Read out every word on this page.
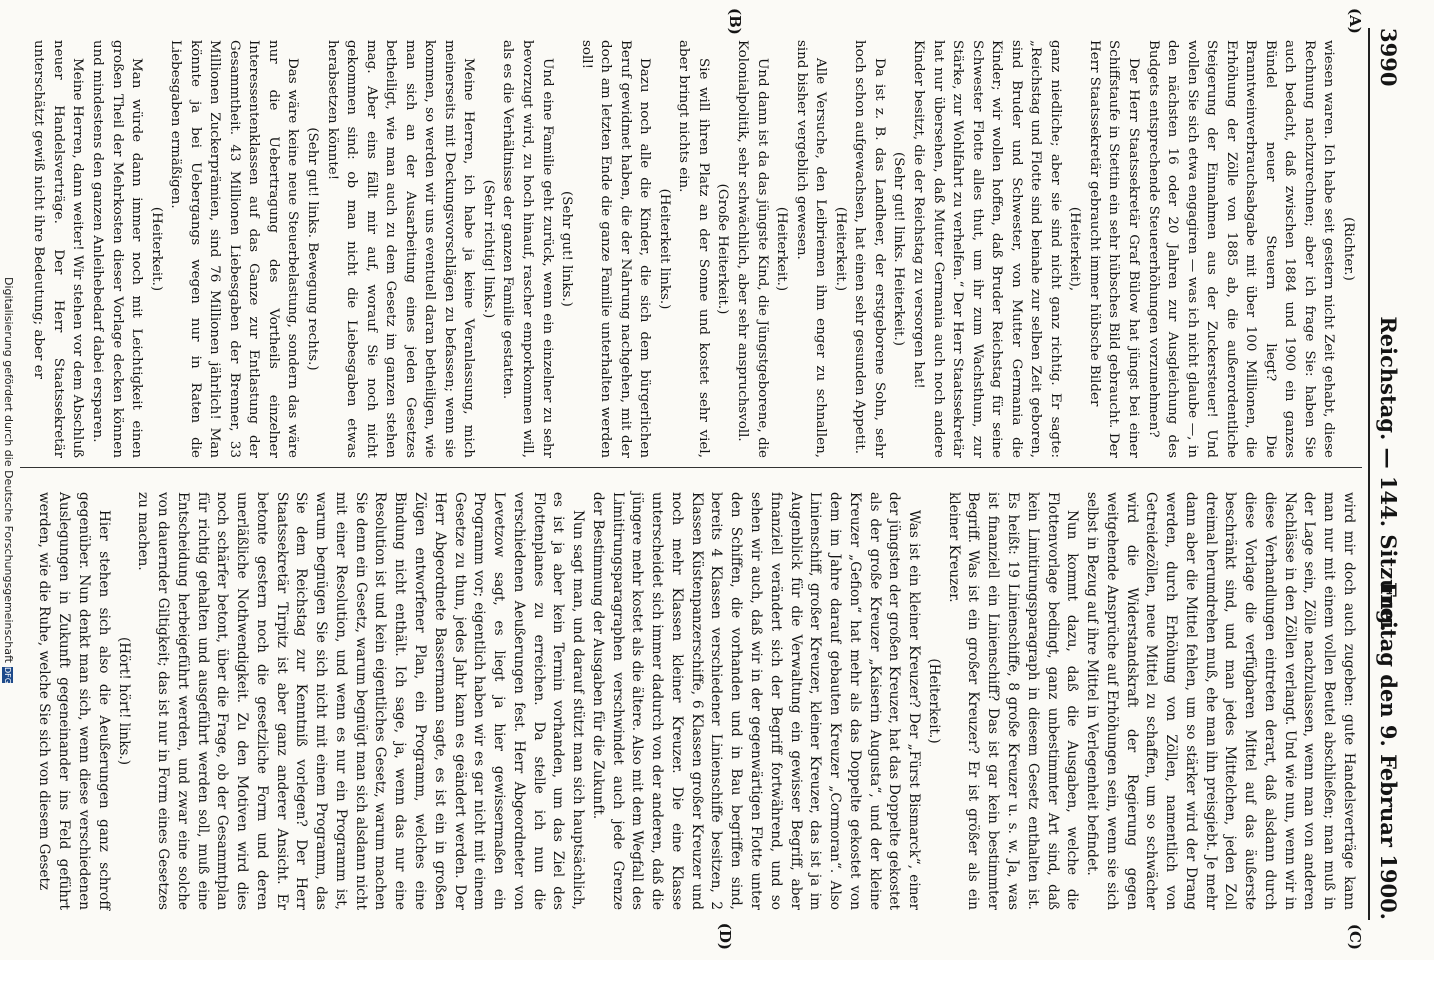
3990
Reichstag. — 144. Sitzung.
Freitag den 9. Februar 1900.
(A)
(B)
(C)
(D)

(Richter.)

wiesen waren. Ich habe seit gestern nicht Zeit gehabt, diese Rechnung nachzurechnen; aber ich frage Sie: haben Sie auch bedacht, daß zwischen 1884 und 1900 ein ganzes Bündel neuer Steuern liegt? Die Branntweinverbrauchsabgabe mit über 100 Millionen, die Erhöhung der Zölle von 1885 ab, die außerordentliche Steigerung der Einnahmen aus der Zuckersteuer! Und wollen Sie sich etwa engagiren — was ich nicht glaube —, in den nächsten 16 oder 20 Jahren zur Ausgleichung des Budgets entsprechende Steuererhöhungen vorzunehmen?

Der Herr Staatssekretär Graf Bülow hat jüngst bei einer Schiffstaufe in Stettin ein sehr hübsches Bild gebraucht. Der Herr Staatssekretär gebraucht immer hübsche Bilder

(Heiterkeit),

ganz niedliche; aber sie sind nicht ganz richtig. Er sagte: „Reichstag und Flotte sind beinahe zur selben Zeit geboren, sind Bruder und Schwester, von Mutter Germania die Kinder; wir wollen hoffen, daß Bruder Reichstag für seine Schwester Flotte alles thut, um ihr zum Wachsthum, zur Stärke, zur Wohlfahrt zu verhelfen.“ Der Herr Staatssekretär hat nur übersehen, daß Mutter Germania auch noch andere Kinder besitzt, die der Reichstag zu versorgen hat!

(Sehr gut! links. Heiterkeit.)

Da ist z. B. das Landheer, der erstgeborene Sohn, sehr hoch schon aufgewachsen, hat einen sehr gesunden Appetit.

(Heiterkeit.)

Alle Versuche, den Leibriemen ihm enger zu schnallen, sind bisher vergeblich gewesen.

(Heiterkeit.)

Und dann ist da das jüngste Kind, die Jüngstgeborene, die Kolonialpolitik, sehr schwächlich, aber sehr anspruchsvoll.

(Große Heiterkeit.)

Sie will ihren Platz an der Sonne und kostet sehr viel, aber bringt nichts ein.

(Heiterkeit links.)

Dazu noch alle die Kinder, die sich dem bürgerlichen Beruf gewidmet haben, die der Nahrung nachgehen, mit der doch am letzten Ende die ganze Familie unterhalten werden soll!

(Sehr gut! links.)

Und eine Familie geht zurück, wenn ein einzelner zu sehr bevorzugt wird, zu hoch hinauf, rascher emporkommen will, als es die Verhältnisse der ganzen Familie gestatten.

(Sehr richtig! links.)

Meine Herren, ich habe ja keine Veranlassung, mich meinerseits mit Deckungsvorschlägen zu befassen; wenn sie kommen, so werden wir uns eventuell daran betheiligen, wie man sich an der Ausarbeitung eines jeden Gesetzes betheiligt, wie man auch zu dem Gesetz im ganzen stehen mag. Aber eins fällt mir auf, worauf Sie noch nicht gekommen sind: ob man nicht die Liebesgaben etwas herabsetzen könnte!

(Sehr gut! links. Bewegung rechts.)

Das wäre keine neue Steuerbelastung, sondern das wäre nur die Uebertragung des Vortheils einzelner Interessentenklassen auf das Ganze zur Entlastung der Gesammtheit. 43 Millionen Liebesgaben der Brenner, 33 Millionen Zuckerprämien, sind 76 Millionen jährlich! Man könnte ja bei Uebergangs wegen nur in Raten die Liebesgaben ermäßigen.

(Heiterkeit.)

Man würde dann immer noch mit Leichtigkeit einen großen Theil der Mehrkosten dieser Vorlage decken können und mindestens den ganzen Anleihebedarf dabei ersparen.

Meine Herren, dann weiter! Wir stehen vor dem Abschluß neuer Handelsverträge. Der Herr Staatssekretär unterschätzt gewiß nicht ihre Bedeutung; aber er

wird mir doch auch zugeben: gute Handelsverträge kann man nur mit einem vollen Beutel abschließen; man muß in der Lage sein, Zölle nachzulassen, wenn man von anderen Nachlässe in den Zöllen verlangt. Und wie nun, wenn wir in diese Verhandlungen eintreten derart, daß alsdann durch diese Vorlage die verfügbaren Mittel auf das äußerste beschränkt sind, und man jedes Mittelchen, jeden Zoll dreimal herumdrehen muß, ehe man ihn preisgiebt. Je mehr dann aber die Mittel fehlen, um so stärker wird der Drang werden, durch Erhöhung von Zöllen, namentlich von Getreidezöllen, neue Mittel zu schaffen, um so schwächer wird die Widerstandskraft der Regierung gegen weitgehende Ansprüche auf Erhöhungen sein, wenn sie sich selbst in Bezug auf ihre Mittel in Verlegenheit befindet.

Nun kommt dazu, daß die Ausgaben, welche die Flottenvorlage bedingt, ganz unbestimmter Art sind, daß kein Limitirungsparagraph in diesem Gesetz enthalten ist. Es heißt: 19 Linienschiffe, 8 große Kreuzer u. s. w. Ja, was ist finanziell ein Linienschiff? Das ist gar kein bestimmter Begriff. Was ist ein großer Kreuzer? Er ist größer als ein kleiner Kreuzer.

(Heiterkeit.)

Was ist ein kleiner Kreuzer? Der „Fürst Bismarck“, einer der jüngsten der großen Kreuzer, hat das Doppelte gekostet als der große Kreuzer „Kaiserin Augusta“, und der kleine Kreuzer „Gefion“ hat mehr als das Doppelte gekostet von dem im Jahre darauf gebauten Kreuzer „Cormoran“. Also Linienschiff, großer Kreuzer, kleiner Kreuzer, das ist ja im Augenblick für die Verwaltung ein gewisser Begriff, aber finanziell verändert sich der Begriff fortwährend, und so sehen wir auch, daß wir in der gegenwärtigen Flotte unter den Schiffen, die vorhanden und in Bau begriffen sind, bereits 4 Klassen verschiedener Linienschiffe besitzen, 2 Klassen Küstenpanzerschiffe, 6 Klassen großer Kreuzer und noch mehr Klassen kleiner Kreuzer. Die eine Klasse unterscheidet sich immer dadurch von der anderen, daß die jüngere mehr kostet als die ältere. Also mit dem Wegfall des Limitirungsparagraphen verschwindet auch jede Grenze der Bestimmung der Ausgaben für die Zukunft.

Nun sagt man, und darauf stützt man sich hauptsächlich, es ist ja aber kein Termin vorhanden, um das Ziel des Flottenplanes zu erreichen. Da stelle ich nun die verschiedenen Aeußerungen fest. Herr Abgeordneter von Levetzow sagt, es liegt ja hier gewissermaßen ein Programm vor; eigentlich haben wir es gar nicht mit einem Gesetze zu thun, jedes Jahr kann es geändert werden. Der Herr Abgeordnete Bassermann sagte, es ist ein in großen Zügen entworfener Plan, ein Programm, welches eine Bindung nicht enthält. Ich sage, ja, wenn das nur eine Resolution ist und kein eigentliches Gesetz, warum machen Sie denn ein Gesetz, warum begnügt man sich alsdann nicht mit einer Resolution, und wenn es nur ein Programm ist, warum begnügen Sie sich nicht mit einem Programm, das Sie dem Reichstag zur Kenntniß vorlegen? Der Herr Staatssekretär Tirpitz ist aber ganz anderer Ansicht. Er betonte gestern noch die gesetzliche Form und deren unerläßliche Nothwendigkeit. Zu den Motiven wird dies noch schärfer betont, über die Frage, ob der Gesammtplan für richtig gehalten und ausgeführt werden soll, muß eine Entscheidung herbeigeführt werden, und zwar eine solche von dauernder Giltigkeit; das ist nur in Form eines Gesetzes zu machen.

(Hört! hört! links.)

Hier stehen sich also die Aeußerungen ganz schroff gegenüber. Nun denkt man sich, wenn diese verschiedenen Auslegungen in Zukunft gegeneinander ins Feld geführt werden, wie die Ruhe, welche Sie sich von diesem Gesetz

Digitalisierung gefördert durch die Deutsche ForschungsgemeinschaftDFG
